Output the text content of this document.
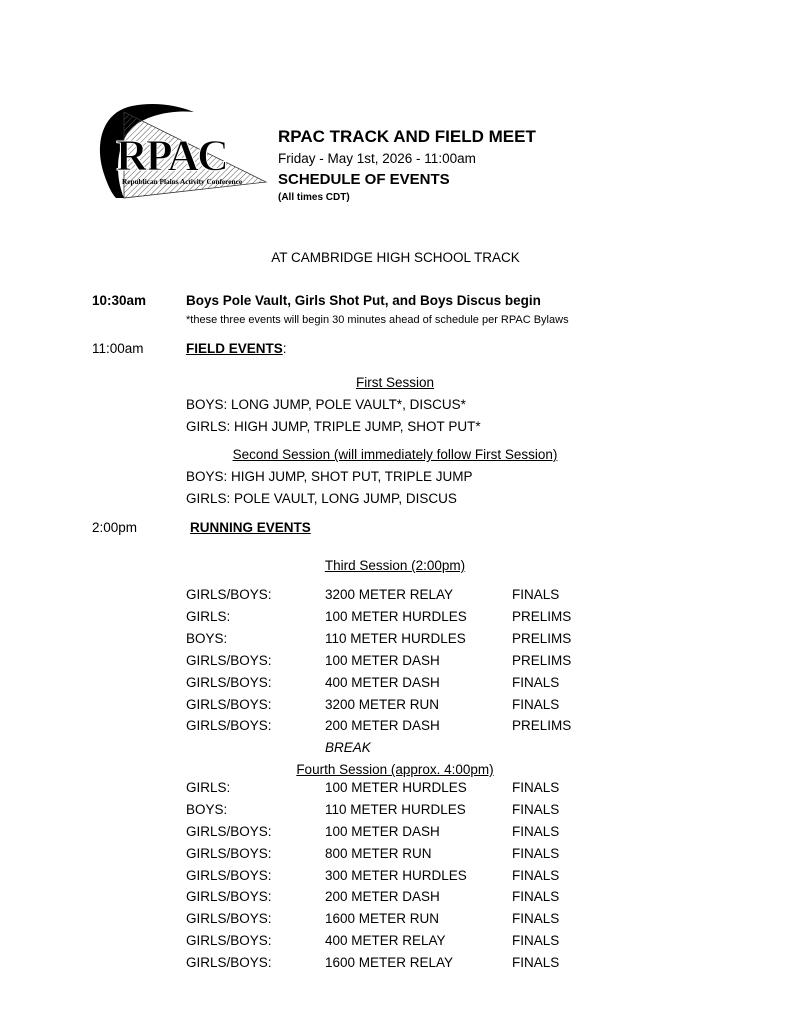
RPAC
Republican Plains Activity Conference
RPAC TRACK AND FIELD MEET
Friday - May 1st, 2026 - 11:00am
SCHEDULE OF EVENTS
(All times CDT)
AT CAMBRIDGE HIGH SCHOOL TRACK
10:30am	Boys Pole Vault, Girls Shot Put, and Boys Discus begin
*these three events will begin 30 minutes ahead of schedule per RPAC Bylaws
11:00am	FIELD EVENTS:
First Session
BOYS: LONG JUMP, POLE VAULT*, DISCUS*
GIRLS: HIGH JUMP, TRIPLE JUMP, SHOT PUT*
Second Session (will immediately follow First Session)
BOYS: HIGH JUMP, SHOT PUT, TRIPLE JUMP
GIRLS: POLE VAULT, LONG JUMP, DISCUS
2:00pm	RUNNING EVENTS
Third Session (2:00pm)
GIRLS/BOYS:	3200 METER RELAY	FINALS
GIRLS:	100 METER HURDLES	PRELIMS
BOYS:	110 METER HURDLES	PRELIMS
GIRLS/BOYS:	100 METER DASH	PRELIMS
GIRLS/BOYS:	400 METER DASH	FINALS
GIRLS/BOYS:	3200 METER RUN	FINALS
GIRLS/BOYS:	200 METER DASH	PRELIMS
BREAK
Fourth Session (approx. 4:00pm)
GIRLS:	100 METER HURDLES	FINALS
BOYS:	110 METER HURDLES	FINALS
GIRLS/BOYS:	100 METER DASH	FINALS
GIRLS/BOYS:	800 METER RUN	FINALS
GIRLS/BOYS:	300 METER HURDLES	FINALS
GIRLS/BOYS:	200 METER DASH	FINALS
GIRLS/BOYS:	1600 METER RUN	FINALS
GIRLS/BOYS:	400 METER RELAY	FINALS
GIRLS/BOYS:	1600 METER RELAY	FINALS
